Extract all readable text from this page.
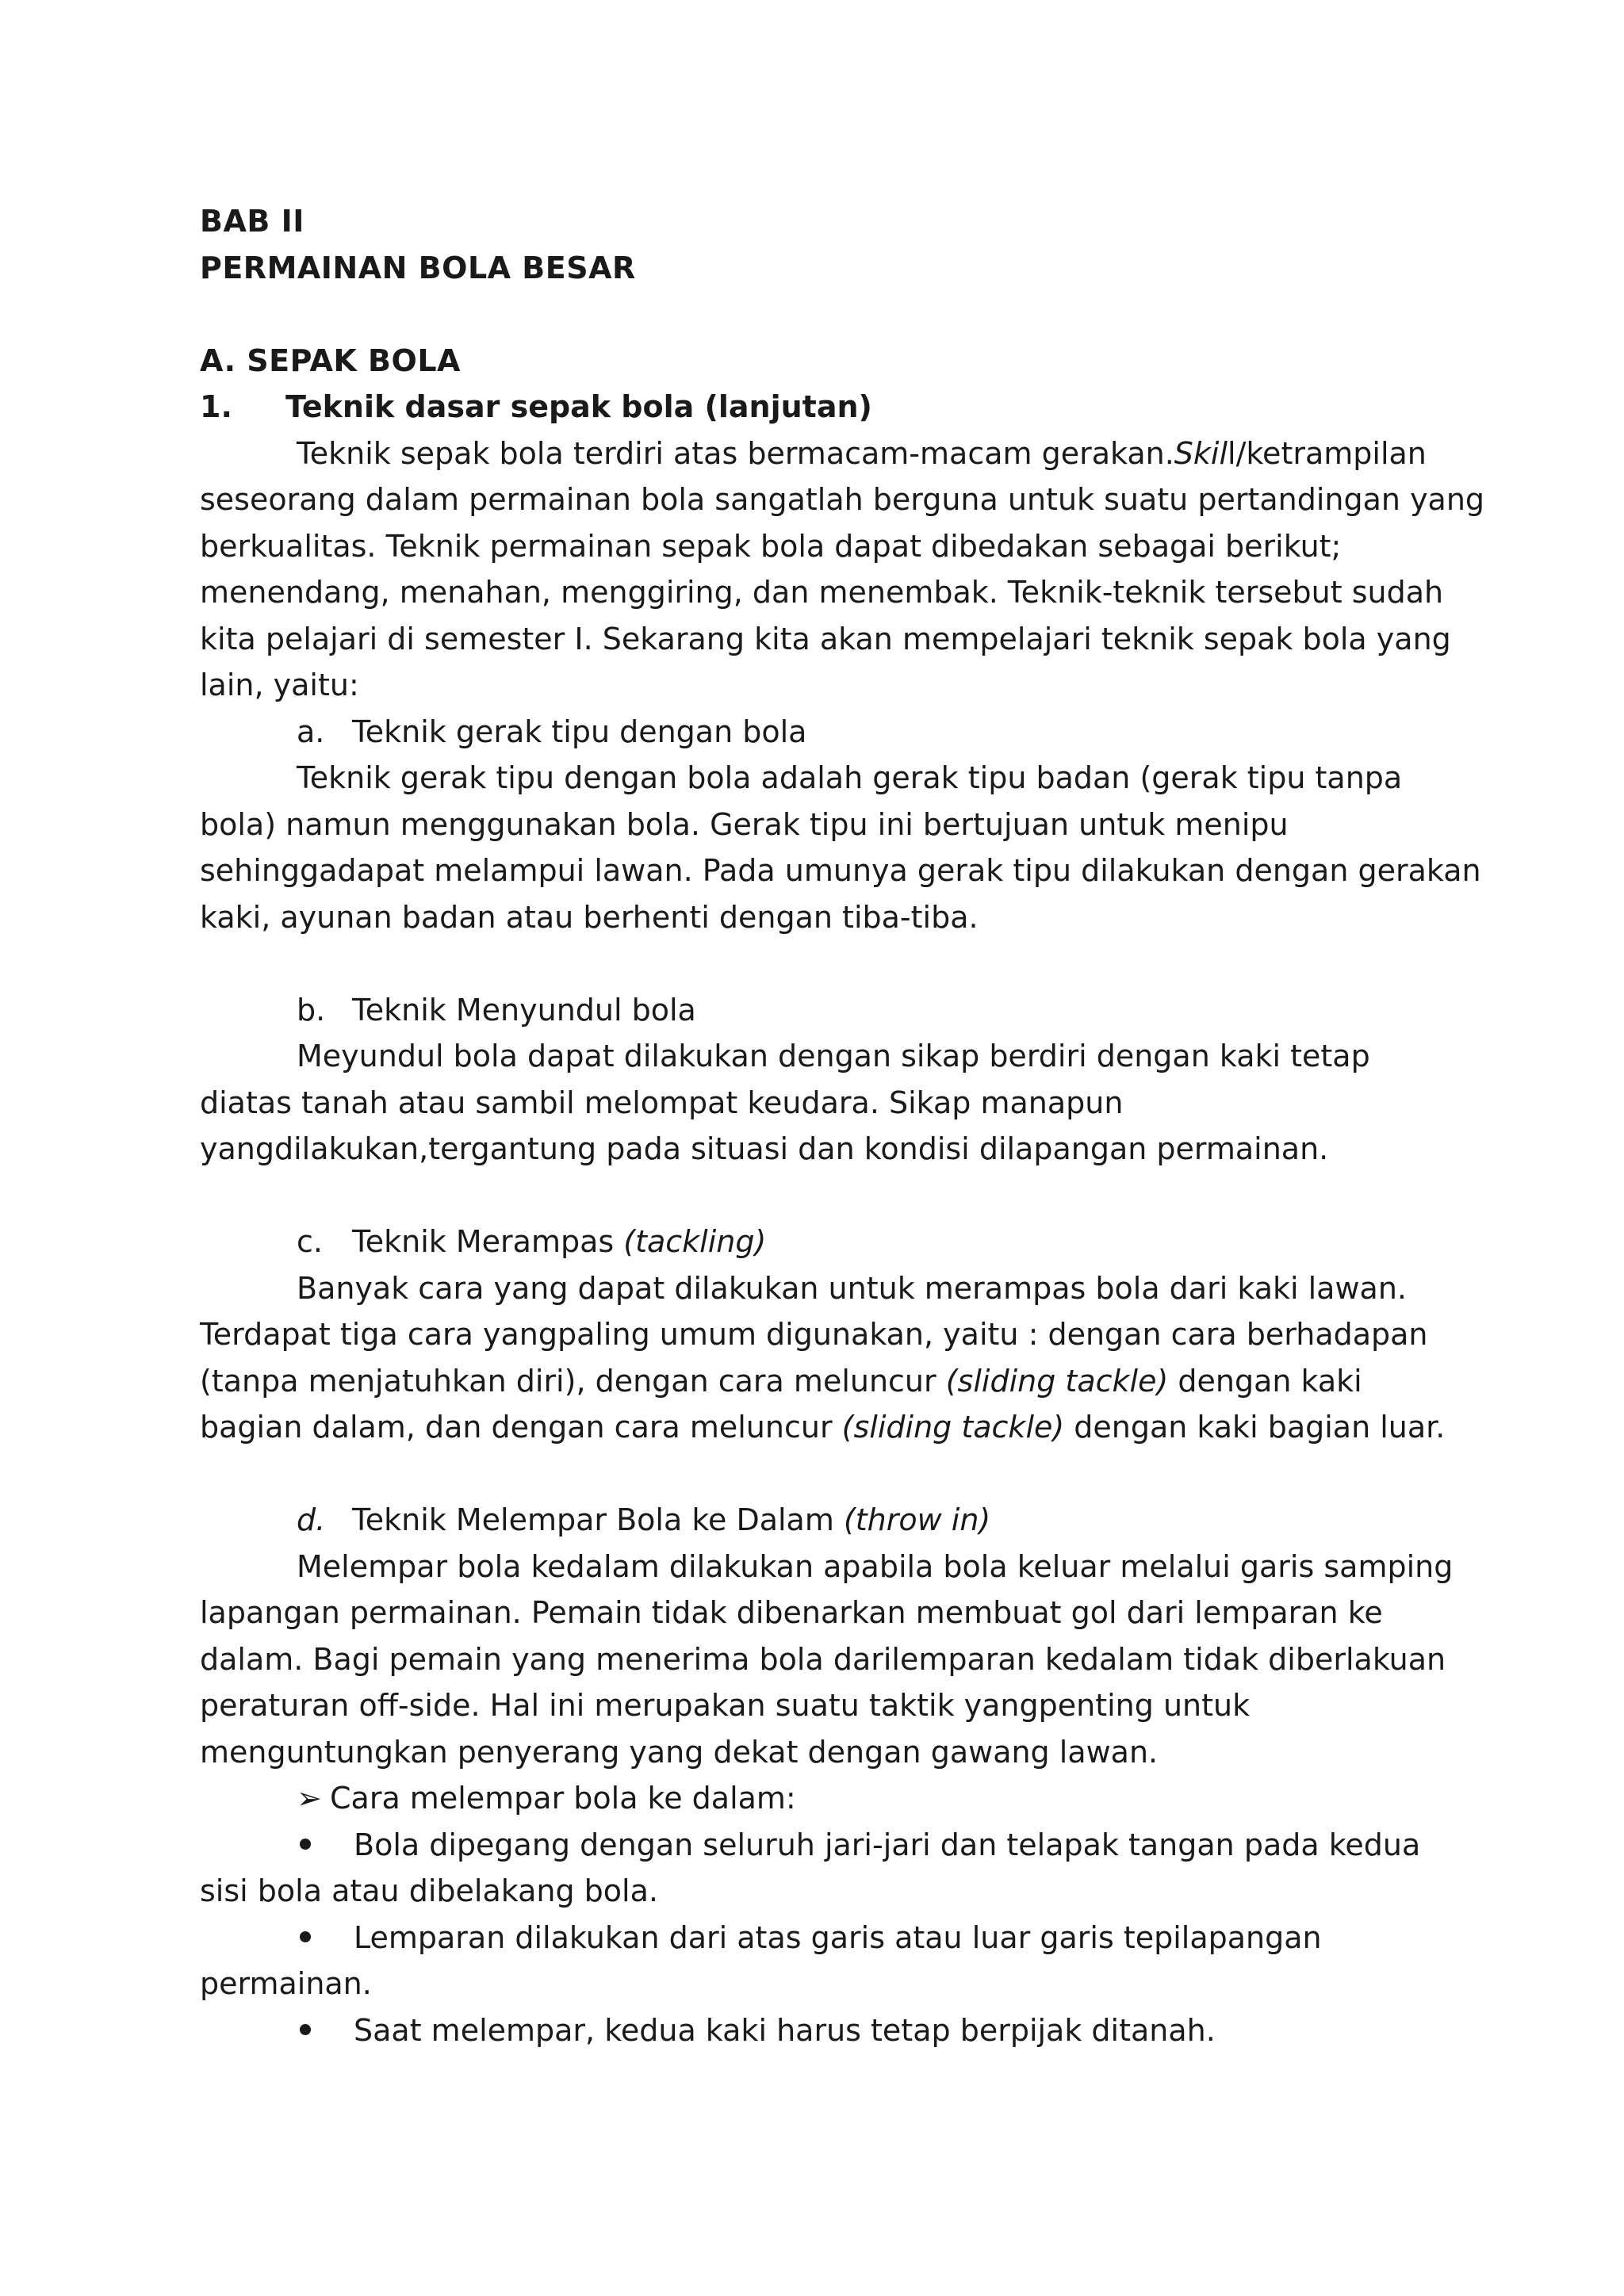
BAB II
PERMAINAN BOLA BESAR
A. SEPAK BOLA
1. Teknik dasar sepak bola (lanjutan)
Teknik sepak bola terdiri atas bermacam-macam gerakan.Skill/ketrampilan
seseorang dalam permainan bola sangatlah berguna untuk suatu pertandingan yang
berkualitas. Teknik permainan sepak bola dapat dibedakan sebagai berikut;
menendang, menahan, menggiring, dan menembak. Teknik-teknik tersebut sudah
kita pelajari di semester I. Sekarang kita akan mempelajari teknik sepak bola yang
lain, yaitu:
a. Teknik gerak tipu dengan bola
Teknik gerak tipu dengan bola adalah gerak tipu badan (gerak tipu tanpa
bola) namun menggunakan bola. Gerak tipu ini bertujuan untuk menipu
sehinggadapat melampui lawan. Pada umunya gerak tipu dilakukan dengan gerakan
kaki, ayunan badan atau berhenti dengan tiba-tiba.
b. Teknik Menyundul bola
Meyundul bola dapat dilakukan dengan sikap berdiri dengan kaki tetap
diatas tanah atau sambil melompat keudara. Sikap manapun
yangdilakukan,tergantung pada situasi dan kondisi dilapangan permainan.
c. Teknik Merampas (tackling)
Banyak cara yang dapat dilakukan untuk merampas bola dari kaki lawan.
Terdapat tiga cara yangpaling umum digunakan, yaitu : dengan cara berhadapan
(tanpa menjatuhkan diri), dengan cara meluncur (sliding tackle) dengan kaki
bagian dalam, dan dengan cara meluncur (sliding tackle) dengan kaki bagian luar.
d. Teknik Melempar Bola ke Dalam (throw in)
Melempar bola kedalam dilakukan apabila bola keluar melalui garis samping
lapangan permainan. Pemain tidak dibenarkan membuat gol dari lemparan ke
dalam. Bagi pemain yang menerima bola darilemparan kedalam tidak diberlakuan
peraturan off-side. Hal ini merupakan suatu taktik yangpenting untuk
menguntungkan penyerang yang dekat dengan gawang lawan.
➢ Cara melempar bola ke dalam:
Bola dipegang dengan seluruh jari-jari dan telapak tangan pada kedua
sisi bola atau dibelakang bola.
Lemparan dilakukan dari atas garis atau luar garis tepilapangan
permainan.
Saat melempar, kedua kaki harus tetap berpijak ditanah.
